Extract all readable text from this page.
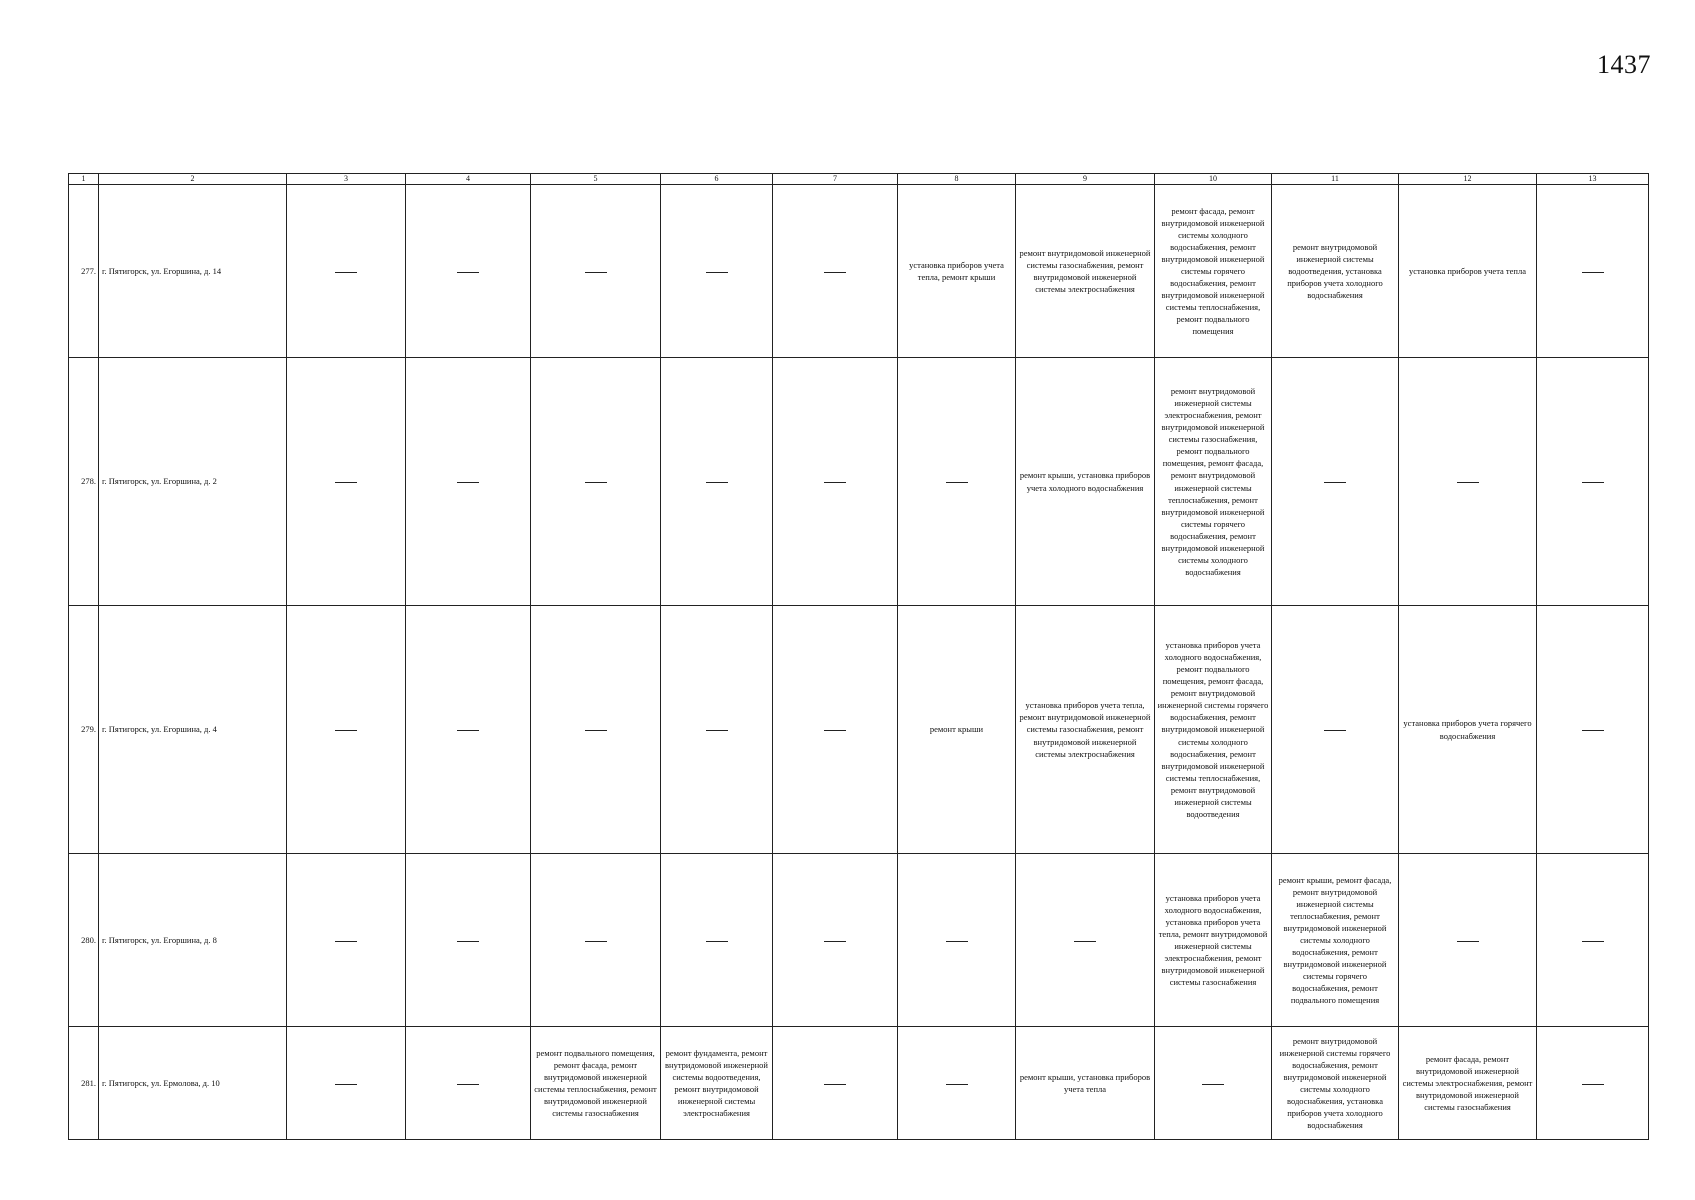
1437
1	2	3	4	5	6	7	8	9	10	11	12	13
277.	г. Пятигорск, ул. Егоршина, д. 14						установка приборов учета тепла, ремонт крыши	ремонт внутридомовой инженерной системы газоснабжения, ремонт внутридомовой инженерной системы электроснабжения	ремонт фасада, ремонт внутридомовой инженерной системы холодного водоснабжения, ремонт внутридомовой инженерной системы горячего водоснабжения, ремонт внутридомовой инженерной системы теплоснабжения, ремонт подвального помещения	ремонт внутридомовой инженерной системы водоотведения, установка приборов учета холодного водоснабжения	установка приборов учета тепла	
278.	г. Пятигорск, ул. Егоршина, д. 2							ремонт крыши, установка приборов учета холодного водоснабжения	ремонт внутридомовой инженерной системы электроснабжения, ремонт внутридомовой инженерной системы газоснабжения, ремонт подвального помещения, ремонт фасада, ремонт внутридомовой инженерной системы теплоснабжения, ремонт внутридомовой инженерной системы горячего водоснабжения, ремонт внутридомовой инженерной системы холодного водоснабжения			
279.	г. Пятигорск, ул. Егоршина, д. 4						ремонт крыши	установка приборов учета тепла, ремонт внутридомовой инженерной системы газоснабжения, ремонт внутридомовой инженерной системы электроснабжения	установка приборов учета холодного водоснабжения, ремонт подвального помещения, ремонт фасада, ремонт внутридомовой инженерной системы горячего водоснабжения, ремонт внутридомовой инженерной системы холодного водоснабжения, ремонт внутридомовой инженерной системы теплоснабжения, ремонт внутридомовой инженерной системы водоотведения		установка приборов учета горячего водоснабжения	
280.	г. Пятигорск, ул. Егоршина, д. 8								установка приборов учета холодного водоснабжения, установка приборов учета тепла, ремонт внутридомовой инженерной системы электроснабжения, ремонт внутридомовой инженерной системы газоснабжения	ремонт крыши, ремонт фасада, ремонт внутридомовой инженерной системы теплоснабжения, ремонт внутридомовой инженерной системы холодного водоснабжения, ремонт внутридомовой инженерной системы горячего водоснабжения, ремонт подвального помещения		
281.	г. Пятигорск, ул. Ермолова, д. 10			ремонт подвального помещения, ремонт фасада, ремонт внутридомовой инженерной системы теплоснабжения, ремонт внутридомовой инженерной системы газоснабжения	ремонт фундамента, ремонт внутридомовой инженерной системы водоотведения, ремонт внутридомовой инженерной системы электроснабжения			ремонт крыши, установка приборов учета тепла		ремонт внутридомовой инженерной системы горячего водоснабжения, ремонт внутридомовой инженерной системы холодного водоснабжения, установка приборов учета холодного водоснабжения	ремонт фасада, ремонт внутридомовой инженерной системы электроснабжения, ремонт внутридомовой инженерной системы газоснабжения	
